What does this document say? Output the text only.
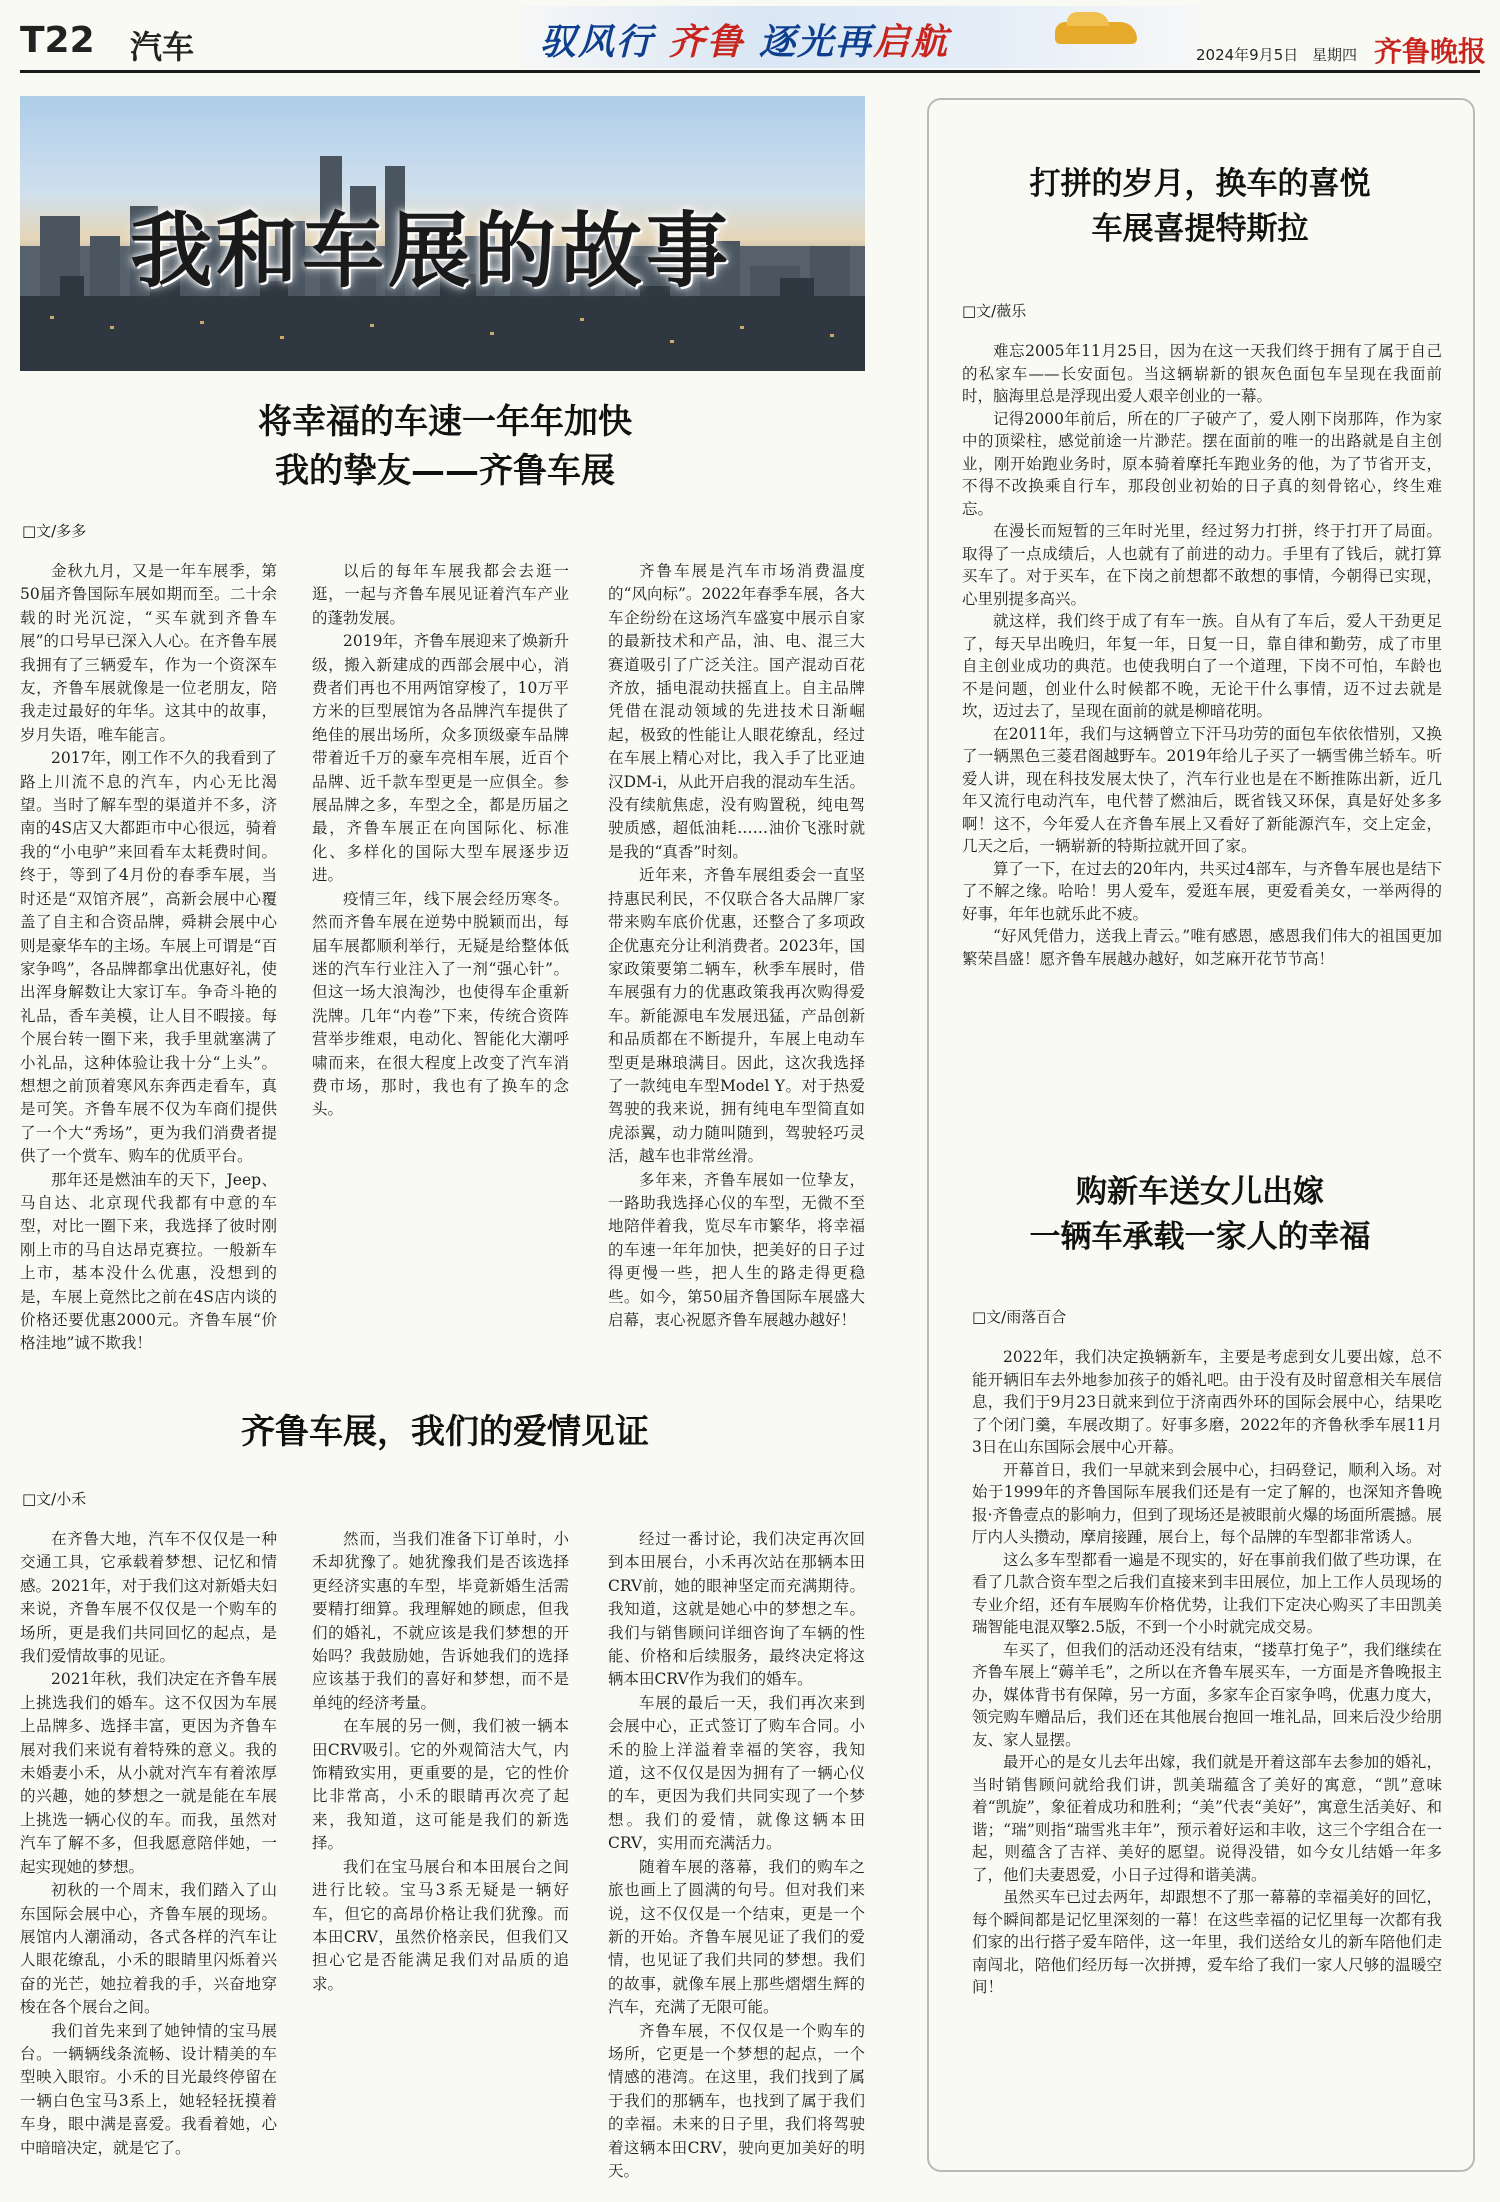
T22 汽车	驭风行 齐鲁 逐光再启航	2024年9月5日 星期四 齐鲁晚报
我和车展的故事
将幸福的车速一年年加快
我的挚友——齐鲁车展
□文/多多

金秋九月，又是一年车展季，第50届齐鲁国际车展如期而至。二十余载的时光沉淀，“买车就到齐鲁车展”的口号早已深入人心。在齐鲁车展我拥有了三辆爱车，作为一个资深车友，齐鲁车展就像是一位老朋友，陪我走过最好的年华。这其中的故事，岁月失语，唯车能言。

2017年，刚工作不久的我看到了路上川流不息的汽车，内心无比渴望。当时了解车型的渠道并不多，济南的4S店又大都距市中心很远，骑着我的“小电驴”来回看车太耗费时间。终于，等到了4月份的春季车展，当时还是“双馆齐展”，高新会展中心覆盖了自主和合资品牌，舜耕会展中心则是豪华车的主场。车展上可谓是“百家争鸣”，各品牌都拿出优惠好礼，使出浑身解数让大家订车。争奇斗艳的礼品，香车美模，让人目不暇接。每个展台转一圈下来，我手里就塞满了小礼品，这种体验让我十分“上头”。想想之前顶着寒风东奔西走看车，真是可笑。齐鲁车展不仅为车商们提供了一个大“秀场”，更为我们消费者提供了一个赏车、购车的优质平台。

那年还是燃油车的天下，Jeep、马自达、北京现代我都有中意的车型，对比一圈下来，我选择了彼时刚刚上市的马自达昂克赛拉。一般新车上市，基本没什么优惠，没想到的是，车展上竟然比之前在4S店内谈的价格还要优惠2000元。齐鲁车展“价格洼地”诚不欺我！

以后的每年车展我都会去逛一逛，一起与齐鲁车展见证着汽车产业的蓬勃发展。

2019年，齐鲁车展迎来了焕新升级，搬入新建成的西部会展中心，消费者们再也不用两馆穿梭了，10万平方米的巨型展馆为各品牌汽车提供了绝佳的展出场所，众多顶级豪车品牌带着近千万的豪车亮相车展，近百个品牌、近千款车型更是一应俱全。参展品牌之多，车型之全，都是历届之最，齐鲁车展正在向国际化、标准化、多样化的国际大型车展逐步迈进。

疫情三年，线下展会经历寒冬。然而齐鲁车展在逆势中脱颖而出，每届车展都顺利举行，无疑是给整体低迷的汽车行业注入了一剂“强心针”。但这一场大浪淘沙，也使得车企重新洗牌。几年“内卷”下来，传统合资阵营举步维艰，电动化、智能化大潮呼啸而来，在很大程度上改变了汽车消费市场，那时，我也有了换车的念头。

齐鲁车展是汽车市场消费温度的“风向标”。2022年春季车展，各大车企纷纷在这场汽车盛宴中展示自家的最新技术和产品，油、电、混三大赛道吸引了广泛关注。国产混动百花齐放，插电混动扶摇直上。自主品牌凭借在混动领域的先进技术日渐崛起，极致的性能让人眼花缭乱，经过在车展上精心对比，我入手了比亚迪汉DM-i，从此开启我的混动车生活。没有续航焦虑，没有购置税，纯电驾驶质感，超低油耗……油价飞涨时就是我的“真香”时刻。

近年来，齐鲁车展组委会一直坚持惠民利民，不仅联合各大品牌厂家带来购车底价优惠，还整合了多项政企优惠充分让利消费者。2023年，国家政策要第二辆车，秋季车展时，借车展强有力的优惠政策我再次购得爱车。新能源电车发展迅猛，产品创新和品质都在不断提升，车展上电动车型更是琳琅满目。因此，这次我选择了一款纯电车型Model Y。对于热爱驾驶的我来说，拥有纯电车型简直如虎添翼，动力随叫随到，驾驶轻巧灵活，越车也非常丝滑。

多年来，齐鲁车展如一位挚友，一路助我选择心仪的车型，无微不至地陪伴着我，览尽车市繁华，将幸福的车速一年年加快，把美好的日子过得更慢一些，把人生的路走得更稳些。如今，第50届齐鲁国际车展盛大启幕，衷心祝愿齐鲁车展越办越好！

齐鲁车展，我们的爱情见证
□文/小禾

在齐鲁大地，汽车不仅仅是一种交通工具，它承载着梦想、记忆和情感。2021年，对于我们这对新婚夫妇来说，齐鲁车展不仅仅是一个购车的场所，更是我们共同回忆的起点，是我们爱情故事的见证。

2021年秋，我们决定在齐鲁车展上挑选我们的婚车。这不仅因为车展上品牌多、选择丰富，更因为齐鲁车展对我们来说有着特殊的意义。我的未婚妻小禾，从小就对汽车有着浓厚的兴趣，她的梦想之一就是能在车展上挑选一辆心仪的车。而我，虽然对汽车了解不多，但我愿意陪伴她，一起实现她的梦想。

初秋的一个周末，我们踏入了山东国际会展中心，齐鲁车展的现场。展馆内人潮涌动，各式各样的汽车让人眼花缭乱，小禾的眼睛里闪烁着兴奋的光芒，她拉着我的手，兴奋地穿梭在各个展台之间。

我们首先来到了她钟情的宝马展台。一辆辆线条流畅、设计精美的车型映入眼帘。小禾的目光最终停留在一辆白色宝马3系上，她轻轻抚摸着车身，眼中满是喜爱。我看着她，心中暗暗决定，就是它了。

然而，当我们准备下订单时，小禾却犹豫了。她犹豫我们是否该选择更经济实惠的车型，毕竟新婚生活需要精打细算。我理解她的顾虑，但我们的婚礼，不就应该是我们梦想的开始吗？我鼓励她，告诉她我们的选择应该基于我们的喜好和梦想，而不是单纯的经济考量。

在车展的另一侧，我们被一辆本田CRV吸引。它的外观简洁大气，内饰精致实用，更重要的是，它的性价比非常高，小禾的眼睛再次亮了起来，我知道，这可能是我们的新选择。

我们在宝马展台和本田展台之间进行比较。宝马3系无疑是一辆好车，但它的高昂价格让我们犹豫。而本田CRV，虽然价格亲民，但我们又担心它是否能满足我们对品质的追求。

经过一番讨论，我们决定再次回到本田展台，小禾再次站在那辆本田CRV前，她的眼神坚定而充满期待。我知道，这就是她心中的梦想之车。我们与销售顾问详细咨询了车辆的性能、价格和后续服务，最终决定将这辆本田CRV作为我们的婚车。

车展的最后一天，我们再次来到会展中心，正式签订了购车合同。小禾的脸上洋溢着幸福的笑容，我知道，这不仅仅是因为拥有了一辆心仪的车，更因为我们共同实现了一个梦想。我们的爱情，就像这辆本田CRV，实用而充满活力。

随着车展的落幕，我们的购车之旅也画上了圆满的句号。但对我们来说，这不仅仅是一个结束，更是一个新的开始。齐鲁车展见证了我们的爱情，也见证了我们共同的梦想。我们的故事，就像车展上那些熠熠生辉的汽车，充满了无限可能。

齐鲁车展，不仅仅是一个购车的场所，它更是一个梦想的起点，一个情感的港湾。在这里，我们找到了属于我们的那辆车，也找到了属于我们的幸福。未来的日子里，我们将驾驶着这辆本田CRV，驶向更加美好的明天。

打拼的岁月，换车的喜悦
车展喜提特斯拉
□文/薇乐

难忘2005年11月25日，因为在这一天我们终于拥有了属于自己的私家车——长安面包。当这辆崭新的银灰色面包车呈现在我面前时，脑海里总是浮现出爱人艰辛创业的一幕。

记得2000年前后，所在的厂子破产了，爱人刚下岗那阵，作为家中的顶梁柱，感觉前途一片渺茫。摆在面前的唯一的出路就是自主创业，刚开始跑业务时，原本骑着摩托车跑业务的他，为了节省开支，不得不改换乘自行车，那段创业初始的日子真的刻骨铭心，终生难忘。

在漫长而短暂的三年时光里，经过努力打拼，终于打开了局面。取得了一点成绩后，人也就有了前进的动力。手里有了钱后，就打算买车了。对于买车，在下岗之前想都不敢想的事情，今朝得已实现，心里别提多高兴。

就这样，我们终于成了有车一族。自从有了车后，爱人干劲更足了，每天早出晚归，年复一年，日复一日，靠自律和勤劳，成了市里自主创业成功的典范。也使我明白了一个道理，下岗不可怕，车龄也不是问题，创业什么时候都不晚，无论干什么事情，迈不过去就是坎，迈过去了，呈现在面前的就是柳暗花明。

在2011年，我们与这辆曾立下汗马功劳的面包车依依惜别，又换了一辆黑色三菱君阁越野车。2019年给儿子买了一辆雪佛兰轿车。听爱人讲，现在科技发展太快了，汽车行业也是在不断推陈出新，近几年又流行电动汽车，电代替了燃油后，既省钱又环保，真是好处多多啊！这不，今年爱人在齐鲁车展上又看好了新能源汽车，交上定金，几天之后，一辆崭新的特斯拉就开回了家。

算了一下，在过去的20年内，共买过4部车，与齐鲁车展也是结下了不解之缘。哈哈！男人爱车，爱逛车展，更爱看美女，一举两得的好事，年年也就乐此不疲。

“好风凭借力，送我上青云。”唯有感恩，感恩我们伟大的祖国更加繁荣昌盛！愿齐鲁车展越办越好，如芝麻开花节节高！

购新车送女儿出嫁
一辆车承载一家人的幸福
□文/雨落百合

2022年，我们决定换辆新车，主要是考虑到女儿要出嫁，总不能开辆旧车去外地参加孩子的婚礼吧。由于没有及时留意相关车展信息，我们于9月23日就来到位于济南西外环的国际会展中心，结果吃了个闭门羹，车展改期了。好事多磨，2022年的齐鲁秋季车展11月3日在山东国际会展中心开幕。

开幕首日，我们一早就来到会展中心，扫码登记，顺利入场。对始于1999年的齐鲁国际车展我们还是有一定了解的，也深知齐鲁晚报·齐鲁壹点的影响力，但到了现场还是被眼前火爆的场面所震撼。展厅内人头攒动，摩肩接踵，展台上，每个品牌的车型都非常诱人。

这么多车型都看一遍是不现实的，好在事前我们做了些功课，在看了几款合资车型之后我们直接来到丰田展位，加上工作人员现场的专业介绍，还有车展购车价格优势，让我们下定决心购买了丰田凯美瑞智能电混双擎2.5版，不到一个小时就完成交易。

车买了，但我们的活动还没有结束，“搂草打兔子”，我们继续在齐鲁车展上“薅羊毛”，之所以在齐鲁车展买车，一方面是齐鲁晚报主办，媒体背书有保障，另一方面，多家车企百家争鸣，优惠力度大，领完购车赠品后，我们还在其他展台抱回一堆礼品，回来后没少给朋友、家人显摆。

最开心的是女儿去年出嫁，我们就是开着这部车去参加的婚礼，当时销售顾问就给我们讲，凯美瑞蕴含了美好的寓意，“凯”意味着“凯旋”，象征着成功和胜利；“美”代表“美好”，寓意生活美好、和谐；“瑞”则指“瑞雪兆丰年”，预示着好运和丰收，这三个字组合在一起，则蕴含了吉祥、美好的愿望。说得没错，如今女儿结婚一年多了，他们夫妻恩爱，小日子过得和谐美满。

虽然买车已过去两年，却跟想不了那一幕幕的幸福美好的回忆，每个瞬间都是记忆里深刻的一幕！在这些幸福的记忆里每一次都有我们家的出行搭子爱车陪伴，这一年里，我们送给女儿的新车陪他们走南闯北，陪他们经历每一次拼搏，爱车给了我们一家人尺够的温暖空间！
